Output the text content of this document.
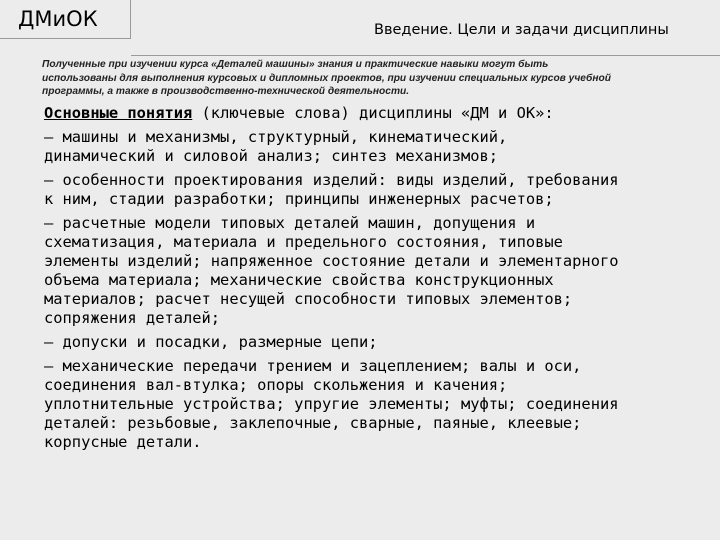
ДМиОК	Введение. Цели и задачи дисциплины
Полученные при изучении курса «Деталей машины» знания и практические навыки могут быть
использованы для выполнения курсовых и дипломных проектов, при изучении специальных курсов учебной
программы, а также в производственно-технической деятельности.
Основные понятия (ключевые слова) дисциплины «ДМ и ОК»:
– машины и механизмы, структурный, кинематический,
динамический и силовой анализ; синтез механизмов;
– особенности проектирования изделий: виды изделий, требования
к ним, стадии разработки; принципы инженерных расчетов;
– расчетные модели типовых деталей машин, допущения и
схематизация, материала и предельного состояния, типовые
элементы изделий; напряженное состояние детали и элементарного
объема материала; механические свойства конструкционных
материалов; расчет несущей способности типовых элементов;
сопряжения деталей;
– допуски и посадки, размерные цепи;
– механические передачи трением и зацеплением; валы и оси,
соединения вал-втулка; опоры скольжения и качения;
уплотнительные устройства; упругие элементы; муфты; соединения
деталей: резьбовые, заклепочные, сварные, паяные, клеевые;
корпусные детали.
